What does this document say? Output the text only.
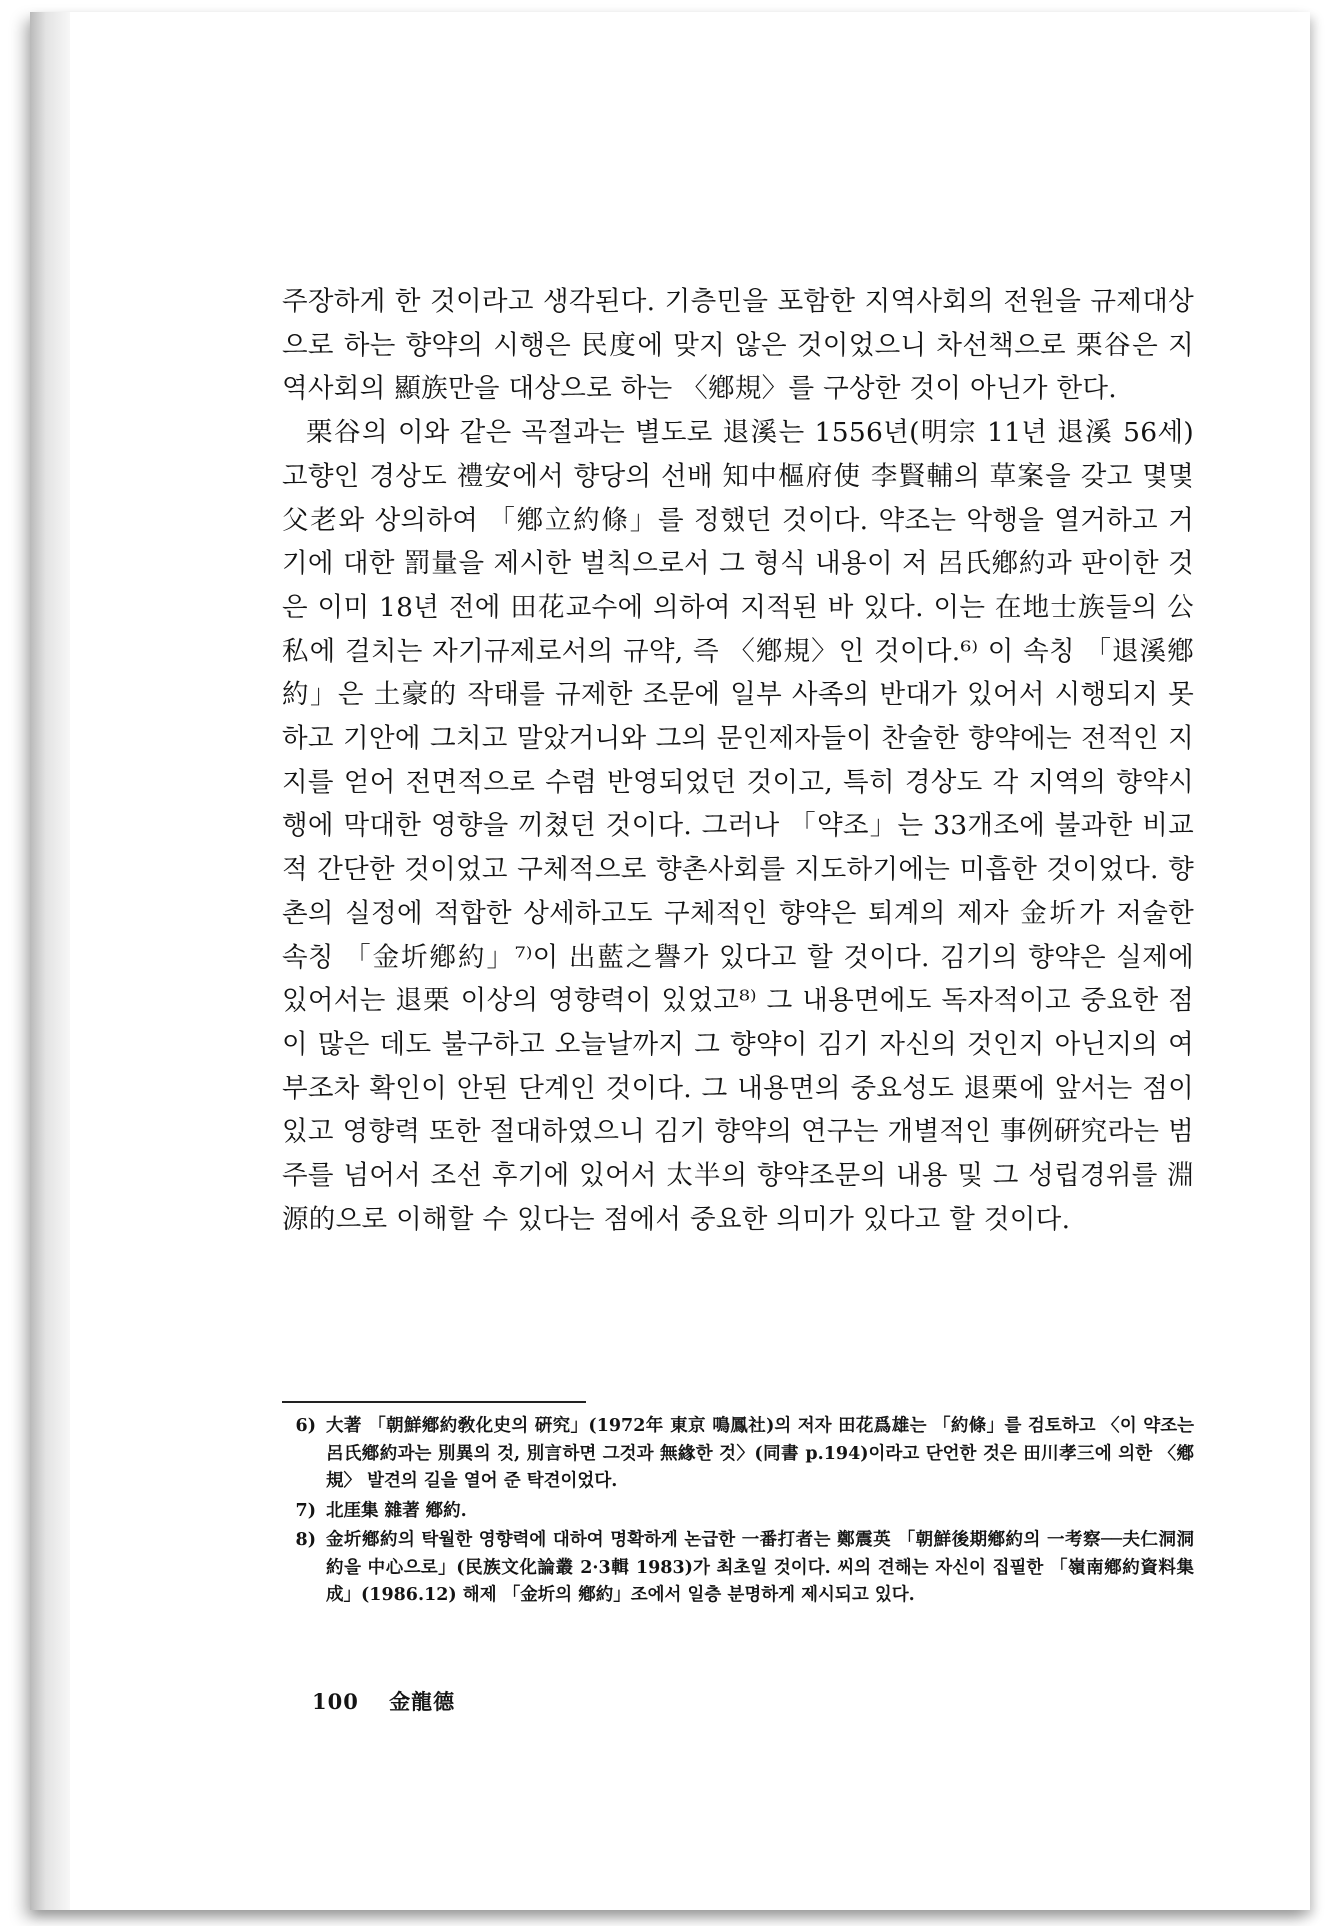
주장하게 한 것이라고 생각된다. 기층민을 포함한 지역사회의 전원을 규제대상으로 하는 향약의 시행은 民度에 맞지 않은 것이었으니 차선책으로 栗谷은 지역사회의 顯族만을 대상으로 하는 〈鄕規〉를 구상한 것이 아닌가 한다.

栗谷의 이와 같은 곡절과는 별도로 退溪는 1556년(明宗 11년 退溪 56세) 고향인 경상도 禮安에서 향당의 선배 知中樞府使 李賢輔의 草案을 갖고 몇몇 父老와 상의하여 「鄕立約條」를 정했던 것이다. 약조는 악행을 열거하고 거기에 대한 罰量을 제시한 벌칙으로서 그 형식 내용이 저 呂氏鄕約과 판이한 것은 이미 18년 전에 田花교수에 의하여 지적된 바 있다. 이는 在地士族들의 公私에 걸치는 자기규제로서의 규약, 즉 〈鄕規〉인 것이다.⁶⁾ 이 속칭 「退溪鄕約」은 土豪的 작태를 규제한 조문에 일부 사족의 반대가 있어서 시행되지 못하고 기안에 그치고 말았거니와 그의 문인제자들이 찬술한 향약에는 전적인 지지를 얻어 전면적으로 수렴 반영되었던 것이고, 특히 경상도 각 지역의 향약시행에 막대한 영향을 끼쳤던 것이다. 그러나 「약조」는 33개조에 불과한 비교적 간단한 것이었고 구체적으로 향촌사회를 지도하기에는 미흡한 것이었다. 향촌의 실정에 적합한 상세하고도 구체적인 향약은 퇴계의 제자 金圻가 저술한 속칭 「金圻鄕約」⁷⁾이 出藍之譽가 있다고 할 것이다. 김기의 향약은 실제에 있어서는 退栗 이상의 영향력이 있었고⁸⁾ 그 내용면에도 독자적이고 중요한 점이 많은 데도 불구하고 오늘날까지 그 향약이 김기 자신의 것인지 아닌지의 여부조차 확인이 안된 단계인 것이다. 그 내용면의 중요성도 退栗에 앞서는 점이 있고 영향력 또한 절대하였으니 김기 향약의 연구는 개별적인 事例硏究라는 범주를 넘어서 조선 후기에 있어서 太半의 향약조문의 내용 및 그 성립경위를 淵源的으로 이해할 수 있다는 점에서 중요한 의미가 있다고 할 것이다.

6) 大著 「朝鮮鄕約敎化史의 硏究」(1972年 東京 鳴鳳社)의 저자 田花爲雄는 「約條」를 검토하고 〈이 약조는 呂氏鄕約과는 別異의 것, 別言하면 그것과 無緣한 것〉(同書 p.194)이라고 단언한 것은 田川孝三에 의한 〈鄕規〉 발견의 길을 열어 준 탁견이었다.
7) 北厓集 雜著 鄕約.
8) 金圻鄕約의 탁월한 영향력에 대하여 명확하게 논급한 一番打者는 鄭震英 「朝鮮後期鄕約의 一考察──夫仁洞洞約을 中心으로」(民族文化論叢 2·3輯 1983)가 최초일 것이다. 씨의 견해는 자신이 집필한 「嶺南鄕約資料集成」(1986.12) 해제 「金圻의 鄕約」조에서 일층 분명하게 제시되고 있다.
100 金龍德
